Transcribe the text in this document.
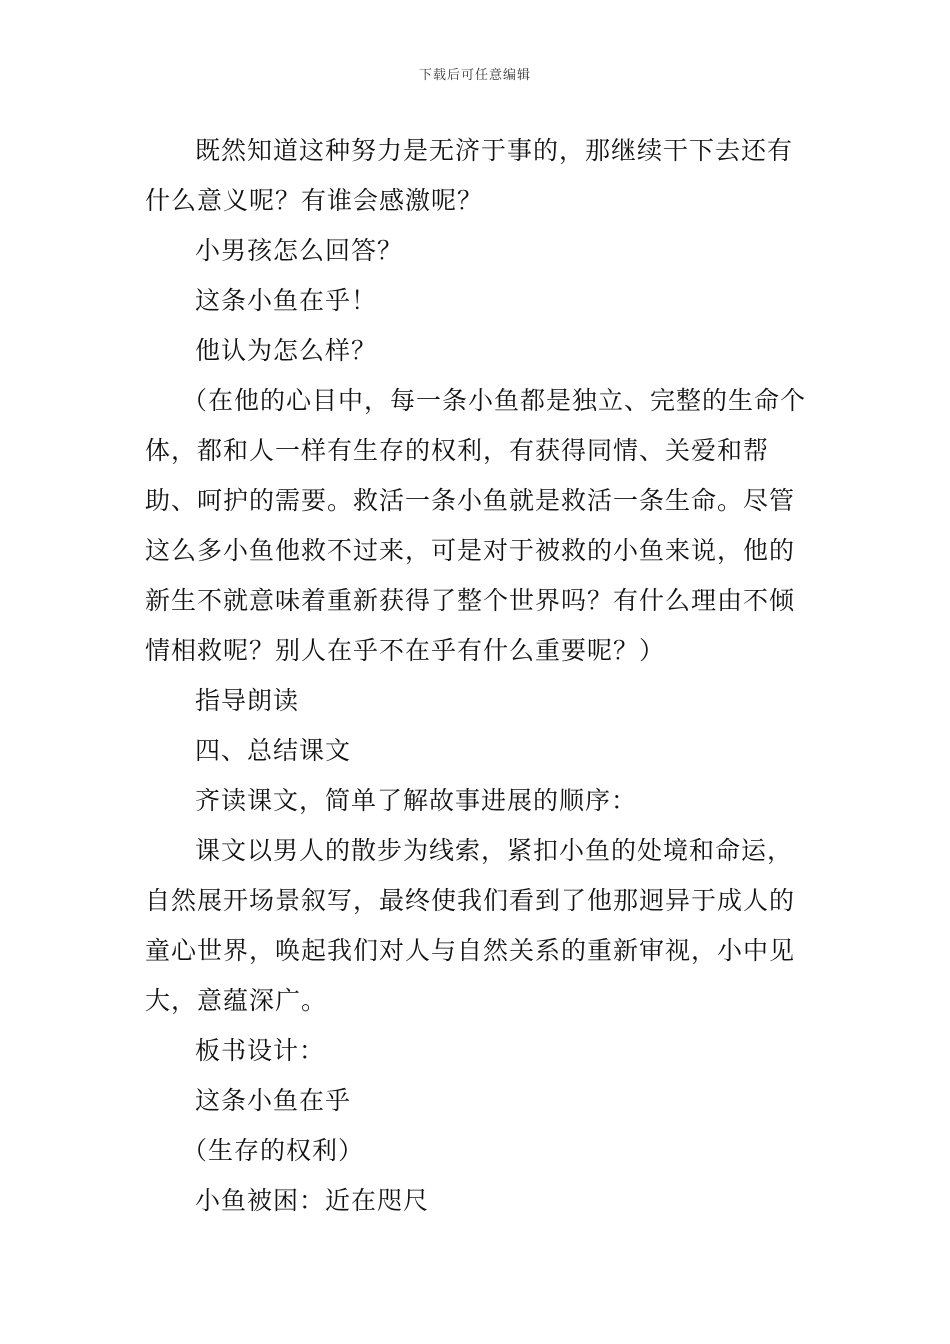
下载后可任意编辑

既然知道这种努力是无济于事的，那继续干下去还有什么意义呢？有谁会感激呢？

小男孩怎么回答？

这条小鱼在乎！

他认为怎么样？

（在他的心目中，每一条小鱼都是独立、完整的生命个体，都和人一样有生存的权利，有获得同情、关爱和帮助、呵护的需要。救活一条小鱼就是救活一条生命。尽管这么多小鱼他救不过来，可是对于被救的小鱼来说，他的新生不就意味着重新获得了整个世界吗？有什么理由不倾情相救呢？别人在乎不在乎有什么重要呢？）

指导朗读

四、总结课文

齐读课文，简单了解故事进展的顺序：

课文以男人的散步为线索，紧扣小鱼的处境和命运，自然展开场景叙写，最终使我们看到了他那迥异于成人的童心世界，唤起我们对人与自然关系的重新审视，小中见大，意蕴深广。

板书设计：

这条小鱼在乎

（生存的权利）

小鱼被困：近在咫尺
